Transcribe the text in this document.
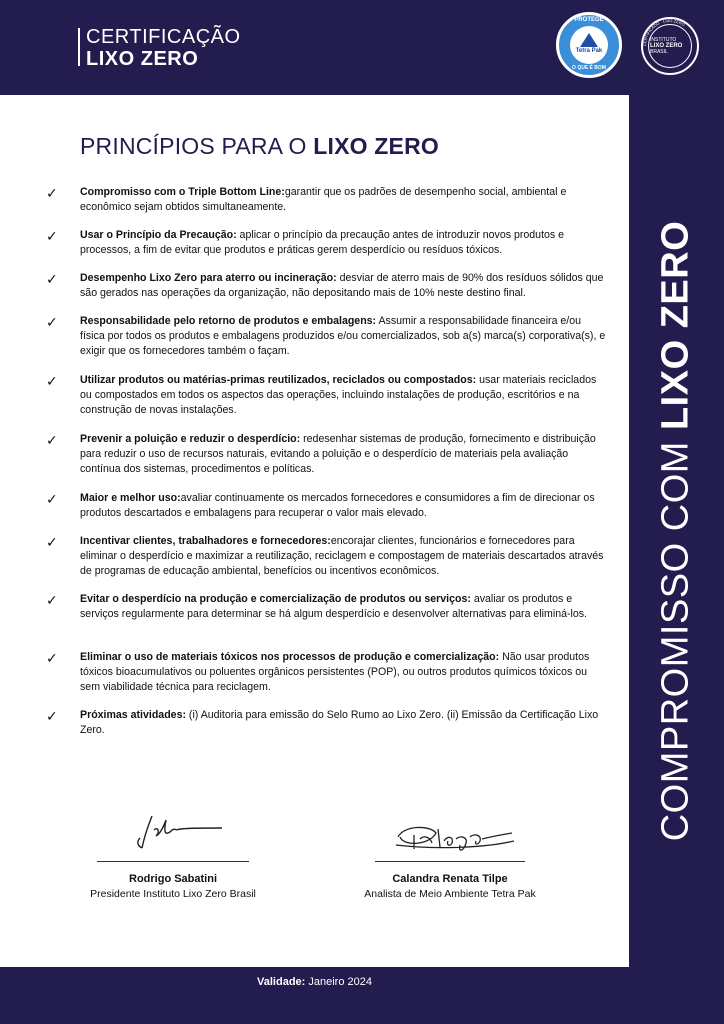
CERTIFICAÇÃO
LIXO ZERO
PROTEGE
Tetra Pak
O QUE É BOM
INSTITUTO
LIXO ZERO
BRASIL
CERTIFICADO · LIXO ZERO
COMPROMISSO COM LIXO ZERO
PRINCÍPIOS PARA O LIXO ZERO
✓ Compromisso com o Triple Bottom Line:garantir que os padrões de desempenho social, ambiental e econômico sejam obtidos simultaneamente.
✓ Usar o Princípio da Precaução: aplicar o princípio da precaução antes de introduzir novos produtos e processos, a fim de evitar que produtos e práticas gerem desperdício ou resíduos tóxicos.
✓ Desempenho Lixo Zero para aterro ou incineração: desviar de aterro mais de 90% dos resíduos sólidos que são gerados nas operações da organização, não depositando mais de 10% neste destino final.
✓ Responsabilidade pelo retorno de produtos e embalagens: Assumir a responsabilidade financeira e/ou física por todos os produtos e embalagens produzidos e/ou comercializados, sob a(s) marca(s) corporativa(s), e exigir que os fornecedores também o façam.
✓ Utilizar produtos ou matérias-primas reutilizados, reciclados ou compostados: usar materiais reciclados ou compostados em todos os aspectos das operações, incluindo instalações de produção, escritórios e na construção de novas instalações.
✓ Prevenir a poluição e reduzir o desperdício: redesenhar sistemas de produção, fornecimento e distribuição para reduzir o uso de recursos naturais, evitando a poluição e o desperdício de materiais pela avaliação contínua dos sistemas, procedimentos e políticas.
✓ Maior e melhor uso:avaliar continuamente os mercados fornecedores e consumidores a fim de direcionar os produtos descartados e embalagens para recuperar o valor mais elevado.
✓ Incentivar clientes, trabalhadores e fornecedores:encorajar clientes, funcionários e fornecedores para eliminar o desperdício e maximizar a reutilização, reciclagem e compostagem de materiais descartados através de programas de educação ambiental, benefícios ou incentivos econômicos.
✓ Evitar o desperdício na produção e comercialização de produtos ou serviços: avaliar os produtos e serviços regularmente para determinar se há algum desperdício e desenvolver alternativas para eliminá-los.
✓ Eliminar o uso de materiais tóxicos nos processos de produção e comercialização: Não usar produtos tóxicos bioacumulativos ou poluentes orgânicos persistentes (POP), ou outros produtos químicos tóxicos ou sem viabilidade técnica para reciclagem.
✓ Próximas atividades: (i) Auditoria para emissão do Selo Rumo ao Lixo Zero. (ii) Emissão da Certificação Lixo Zero.
Rodrigo Sabatini
Presidente Instituto Lixo Zero Brasil
Calandra Renata Tilpe
Analista de Meio Ambiente Tetra Pak
Validade: Janeiro 2024
